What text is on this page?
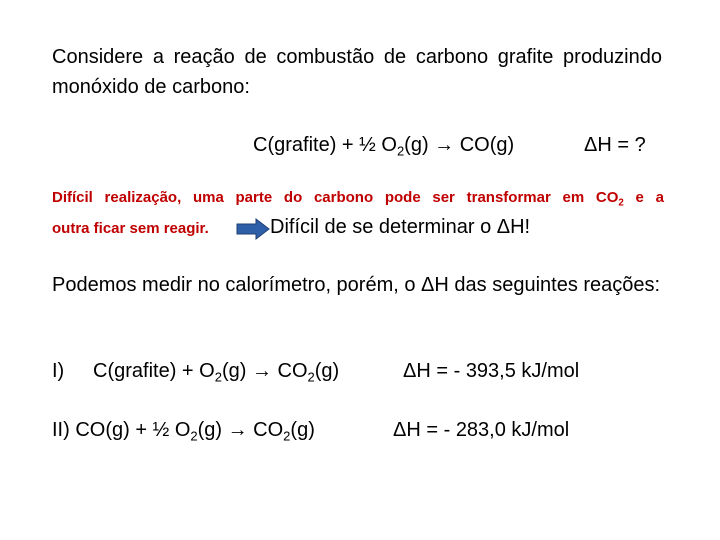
Considere a reação de combustão de carbono grafite produzindo monóxido de carbono:
C(grafite) + ½ $O_2(g) \to CO(g)$	ΔH = ?
Difícil realização, uma parte do carbono pode ser transformar em $CO_2$ e a
outra ficar sem reagir.	Difícil de se determinar o ΔH!
Podemos medir no calorímetro, porém, o ΔH das seguintes reações:
I) C(grafite) + $O_2(g) \to CO_2(g)$	ΔH = - 393,5 kJ/mol
II) CO(g) + ½ $O_2(g) \to CO_2(g)$	ΔH = - 283,0 kJ/mol
